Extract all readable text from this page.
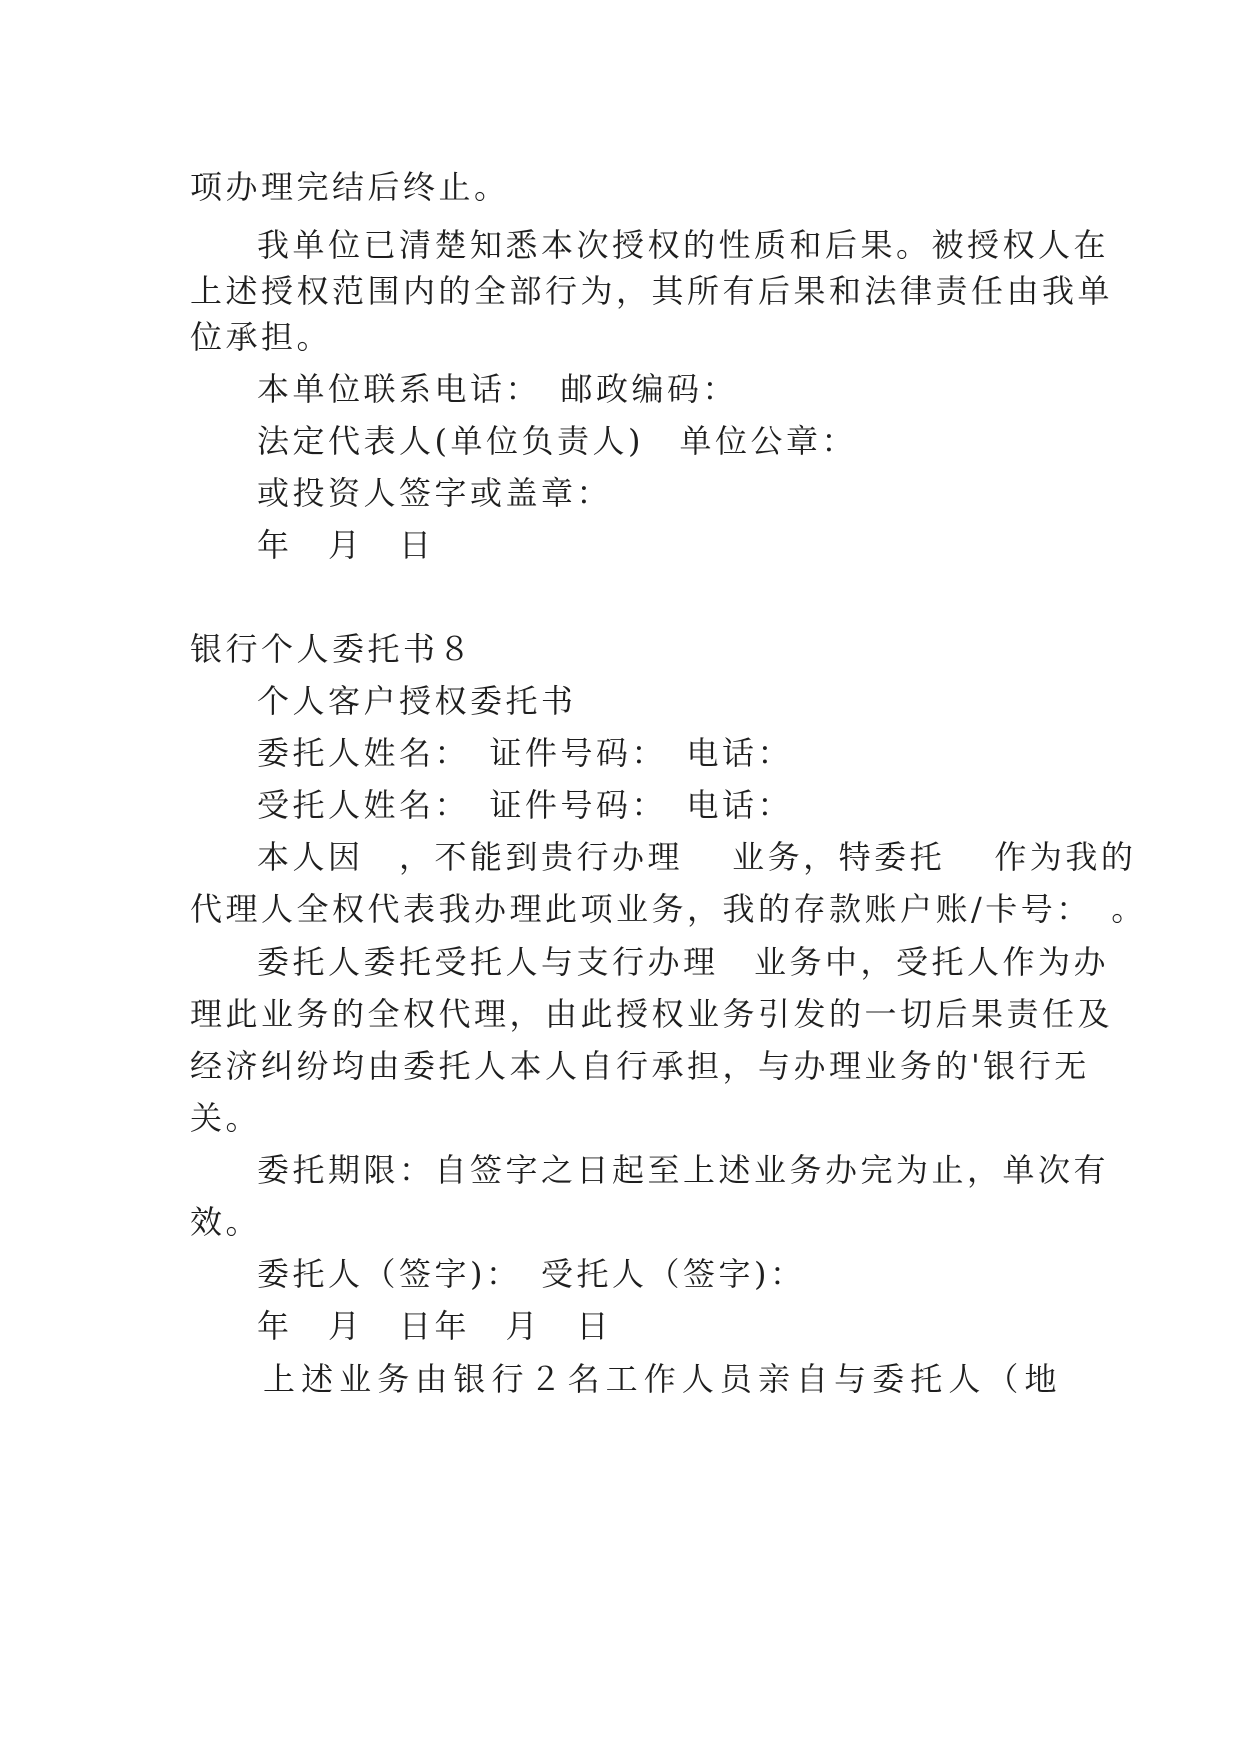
项办理完结后终止。
我单位已清楚知悉本次授权的性质和后果。被授权人在
上述授权范围内的全部行为，其所有后果和法律责任由我单
位承担。
本单位联系电话：　邮政编码：
法定代表人(单位负责人)　单位公章：
或投资人签字或盖章：
年　月　日
银行个人委托书８
个人客户授权委托书
委托人姓名：　证件号码：　电话：
受托人姓名：　证件号码：　电话：
本人因　，不能到贵行办理　 业务，特委托　 作为我的
代理人全权代表我办理此项业务，我的存款账户账/卡号：　。
委托人委托受托人与支行办理　业务中，受托人作为办
理此业务的全权代理，由此授权业务引发的一切后果责任及
经济纠纷均由委托人本人自行承担，与办理业务的'银行无
关。
委托期限：自签字之日起至上述业务办完为止，单次有
效。
委托人（签字)：　受托人（签字)：
年　月　日年　月　日
上述业务由银行２名工作人员亲自与委托人（地
